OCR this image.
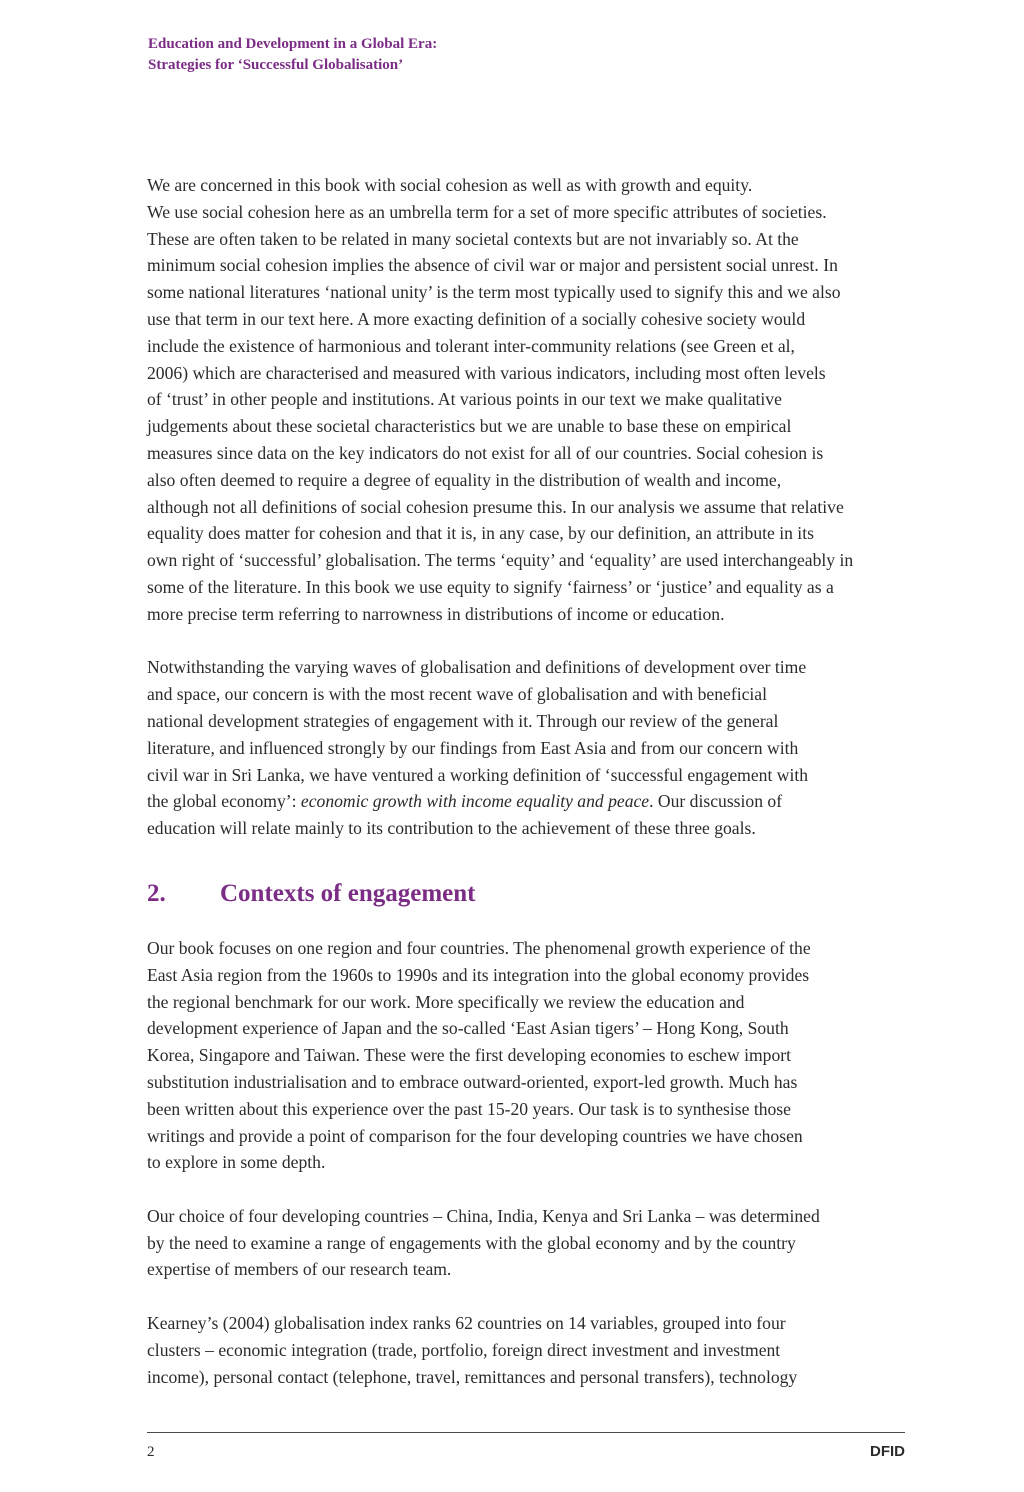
Education and Development in a Global Era:
Strategies for ‘Successful Globalisation’

We are concerned in this book with social cohesion as well as with growth and equity.
We use social cohesion here as an umbrella term for a set of more specific attributes of societies.
These are often taken to be related in many societal contexts but are not invariably so. At the
minimum social cohesion implies the absence of civil war or major and persistent social unrest. In
some national literatures ‘national unity’ is the term most typically used to signify this and we also
use that term in our text here. A more exacting definition of a socially cohesive society would
include the existence of harmonious and tolerant inter-community relations (see Green et al,
2006) which are characterised and measured with various indicators, including most often levels
of ‘trust’ in other people and institutions. At various points in our text we make qualitative
judgements about these societal characteristics but we are unable to base these on empirical
measures since data on the key indicators do not exist for all of our countries. Social cohesion is
also often deemed to require a degree of equality in the distribution of wealth and income,
although not all definitions of social cohesion presume this. In our analysis we assume that relative
equality does matter for cohesion and that it is, in any case, by our definition, an attribute in its
own right of ‘successful’ globalisation. The terms ‘equity’ and ‘equality’ are used interchangeably in
some of the literature. In this book we use equity to signify ‘fairness’ or ‘justice’ and equality as a
more precise term referring to narrowness in distributions of income or education.

Notwithstanding the varying waves of globalisation and definitions of development over time
and space, our concern is with the most recent wave of globalisation and with beneficial
national development strategies of engagement with it. Through our review of the general
literature, and influenced strongly by our findings from East Asia and from our concern with
civil war in Sri Lanka, we have ventured a working definition of ‘successful engagement with
the global economy’: economic growth with income equality and peace. Our discussion of
education will relate mainly to its contribution to the achievement of these three goals.

2.	Contexts of engagement

Our book focuses on one region and four countries. The phenomenal growth experience of the
East Asia region from the 1960s to 1990s and its integration into the global economy provides
the regional benchmark for our work. More specifically we review the education and
development experience of Japan and the so-called ‘East Asian tigers’ – Hong Kong, South
Korea, Singapore and Taiwan. These were the first developing economies to eschew import
substitution industrialisation and to embrace outward-oriented, export-led growth. Much has
been written about this experience over the past 15-20 years. Our task is to synthesise those
writings and provide a point of comparison for the four developing countries we have chosen
to explore in some depth.

Our choice of four developing countries – China, India, Kenya and Sri Lanka – was determined
by the need to examine a range of engagements with the global economy and by the country
expertise of members of our research team.

Kearney’s (2004) globalisation index ranks 62 countries on 14 variables, grouped into four
clusters – economic integration (trade, portfolio, foreign direct investment and investment
income), personal contact (telephone, travel, remittances and personal transfers), technology

2	DFID
